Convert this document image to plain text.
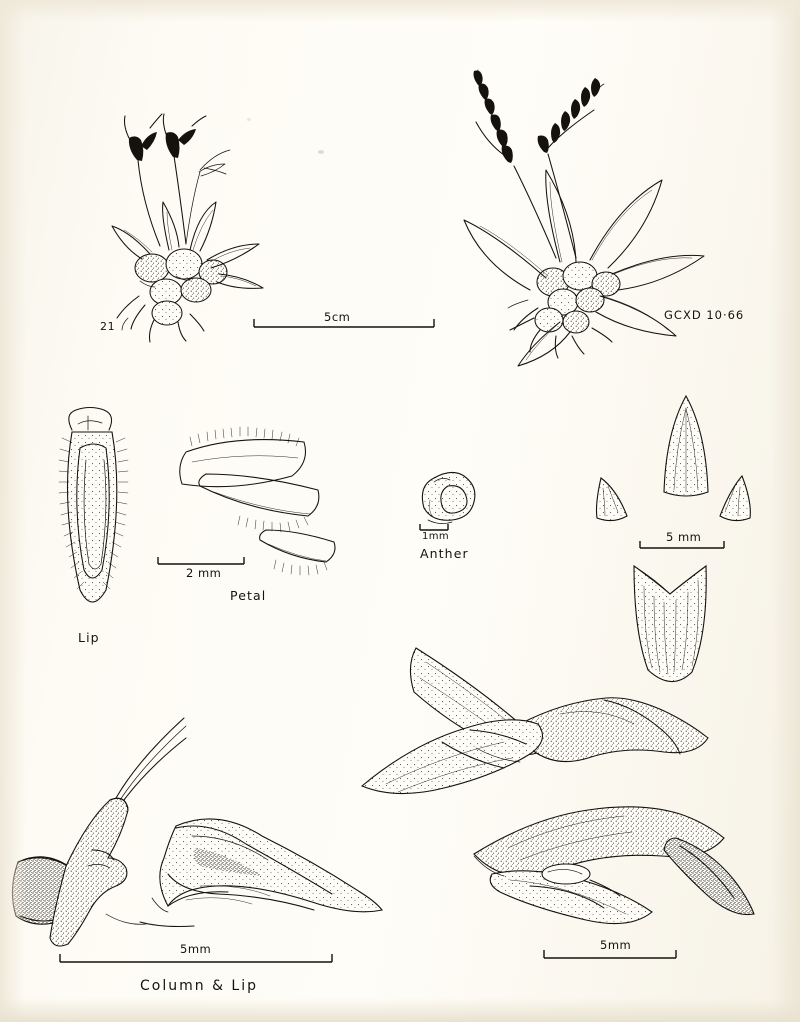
21
5cm	GCXD 10·66
Lip
2 mm
Petal
1mm
Anther
5 mm
5mm
Column & Lip
5mm
